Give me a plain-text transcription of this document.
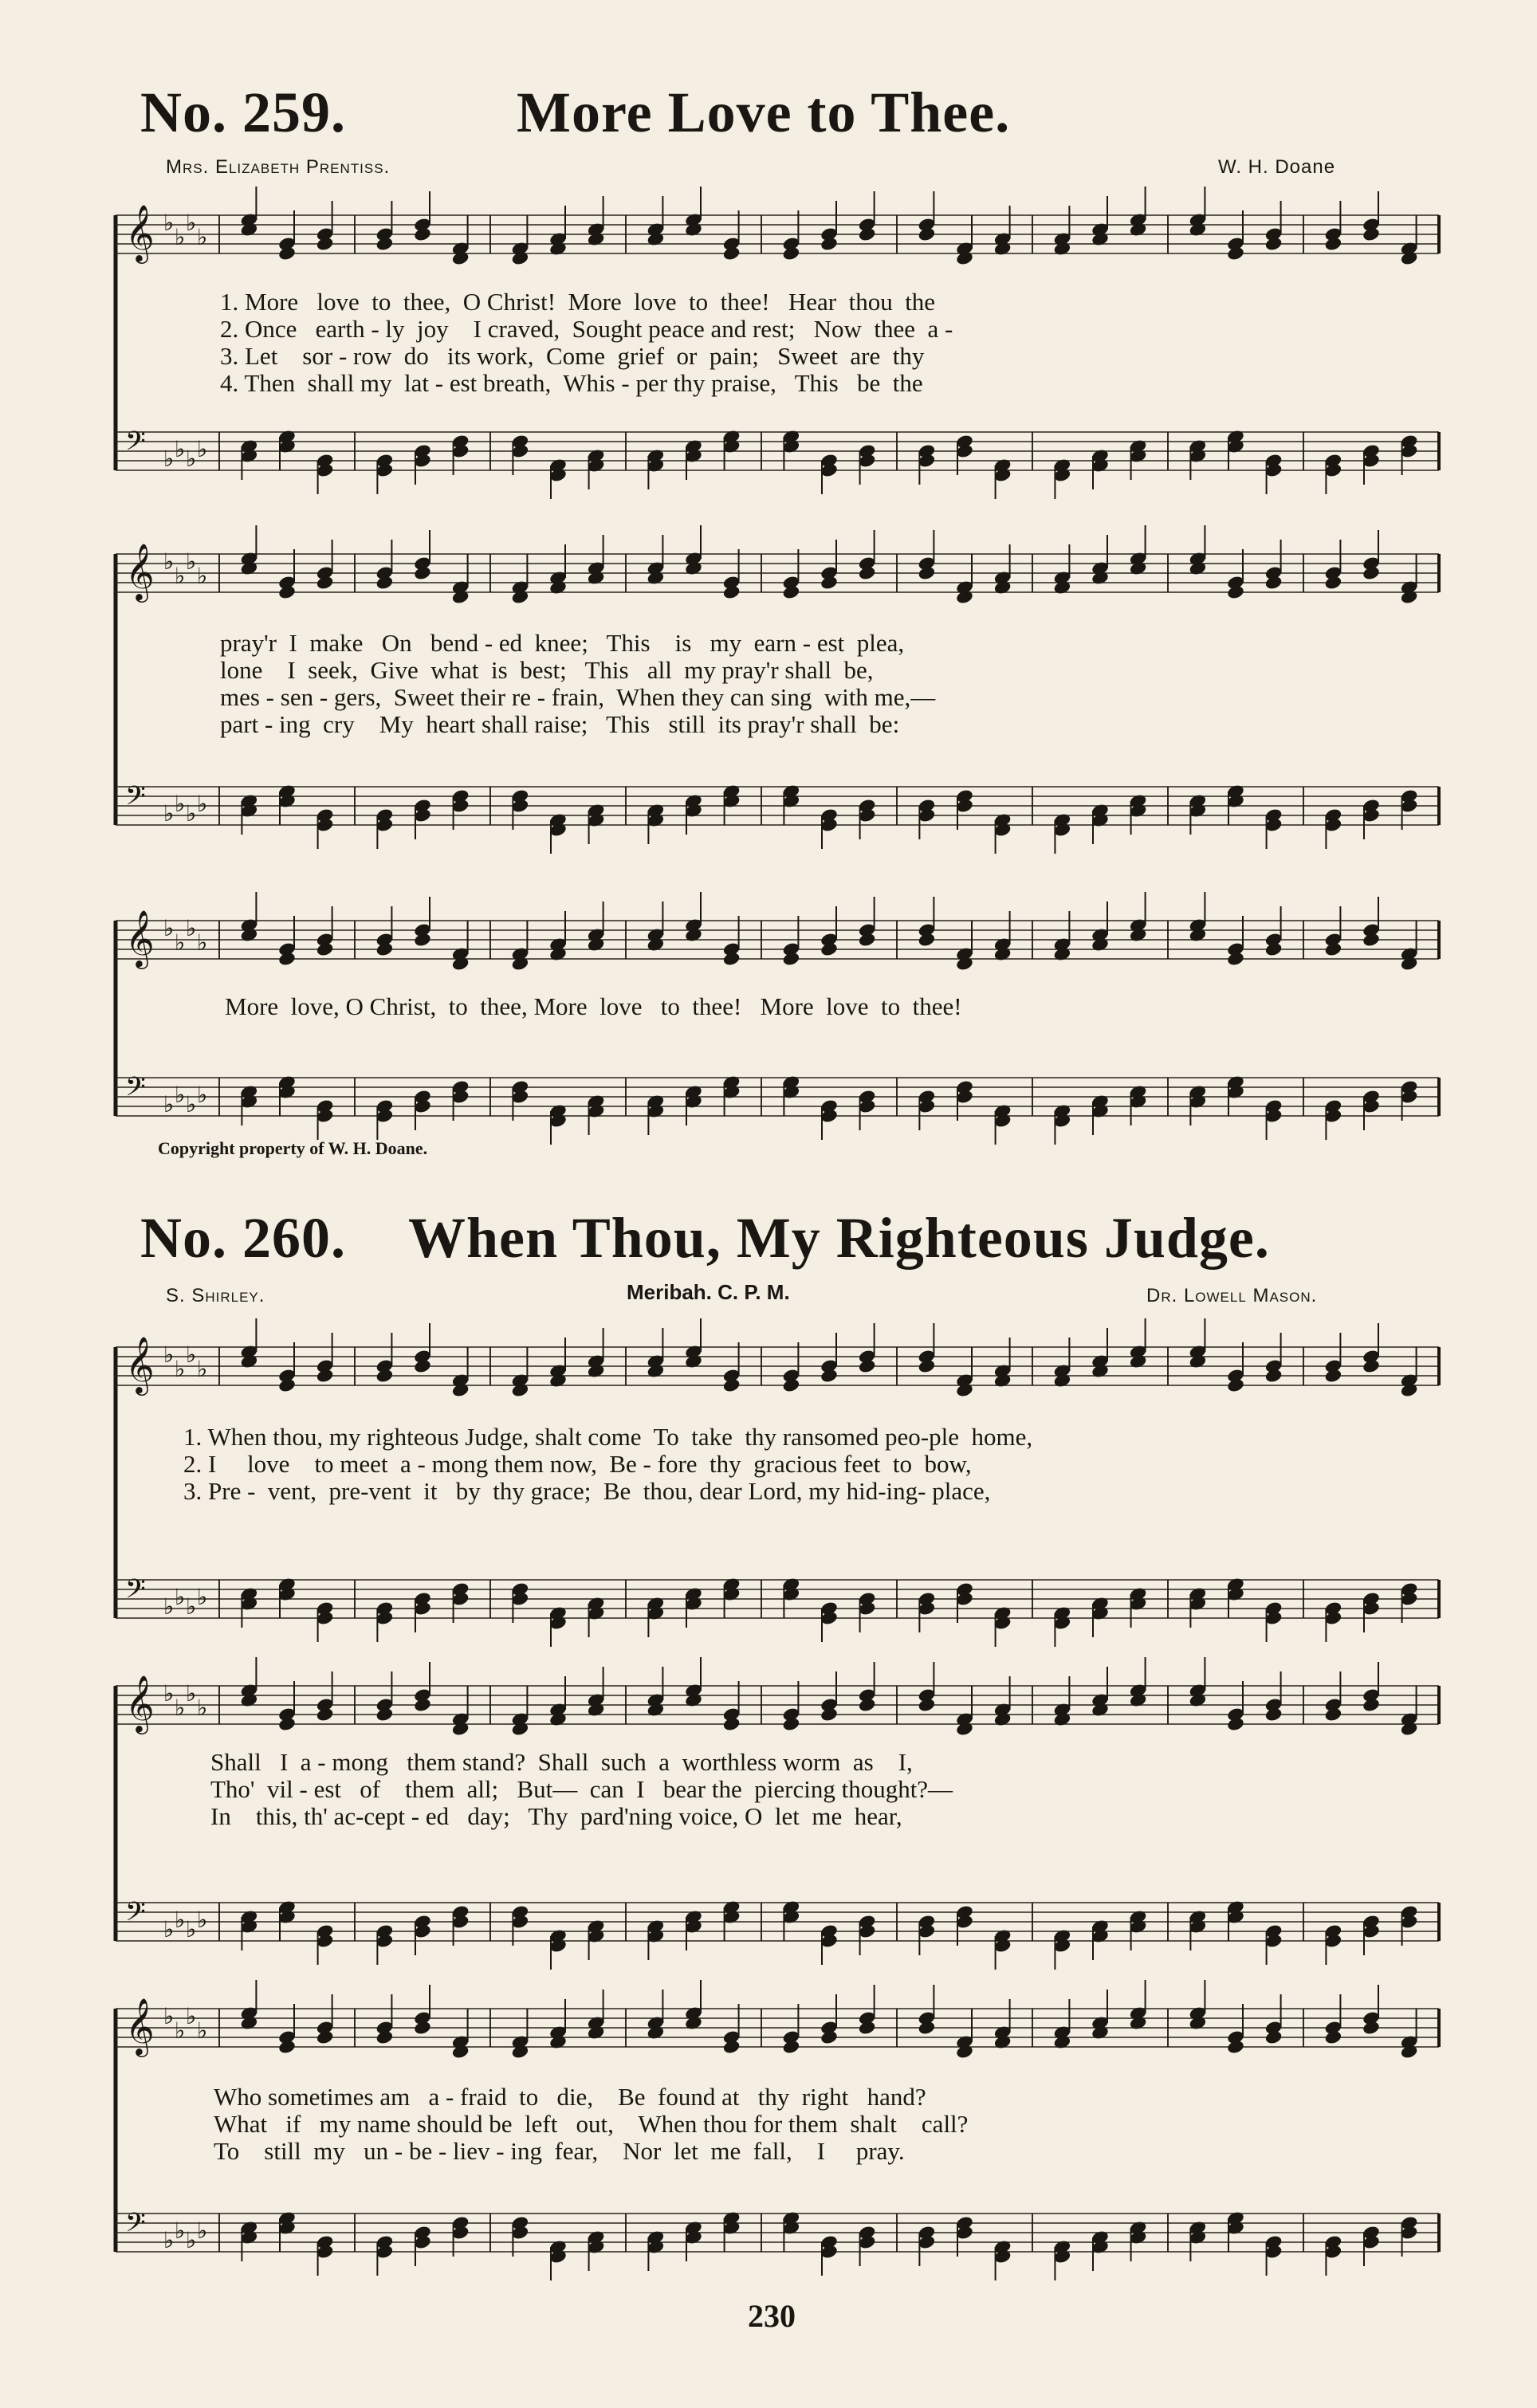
No. 259.	More Love to Thee.
Mrs. Elizabeth Prentiss.	W. H. Doane
𝄞 ♭
♭
♭
♭
𝄢 ♭ ♭ ♭ ♭
1. More   love  to  thee,  O Christ!  More  love  to  thee!   Hear  thou  the
2. Once   earth - ly  joy    I craved,  Sought peace and rest;   Now  thee  a -
3. Let    sor - row  do   its work,  Come  grief  or  pain;   Sweet  are  thy
4. Then  shall my  lat - est breath,  Whis - per thy praise,   This   be  the
𝄞 ♭
♭
♭
♭
𝄢 ♭ ♭ ♭ ♭
pray'r  I  make   On   bend - ed  knee;   This    is   my  earn - est  plea,
lone    I  seek,  Give  what  is  best;   This   all  my pray'r shall  be,
mes - sen - gers,  Sweet their re - frain,  When they can sing  with me,—
part - ing  cry    My  heart shall raise;   This   still  its pray'r shall  be:
𝄞 ♭
♭
♭
♭
𝄢 ♭ ♭ ♭ ♭
More  love, O Christ,  to  thee, More  love   to  thee!   More  love  to  thee!
Copyright property of W. H. Doane.
No. 260. When Thou, My Righteous Judge.
S. Shirley.	Meribah. C. P. M.	Dr. Lowell Mason.
𝄞 ♭
♭
♭
♭
𝄢 ♭ ♭ ♭ ♭
1. When thou, my righteous Judge, shalt come  To  take  thy ransomed peo-ple  home,
2. I     love    to meet  a - mong them now,  Be - fore  thy  gracious feet  to  bow,
3. Pre -  vent,  pre-vent  it   by  thy grace;  Be  thou, dear Lord, my hid-ing- place,
𝄞 ♭
♭
♭
♭
𝄢 ♭ ♭ ♭ ♭
Shall   I  a - mong   them stand?  Shall  such  a  worthless worm  as    I,
Tho'  vil - est   of    them  all;   But—  can  I   bear the  piercing thought?—
In    this, th' ac-cept - ed   day;   Thy  pard'ning voice, O  let  me  hear,
𝄞 ♭
♭
♭
♭
𝄢 ♭ ♭ ♭ ♭
Who sometimes am   a - fraid  to   die,    Be  found at   thy  right   hand?
What   if   my name should be  left   out,    When thou for them  shalt    call?
To    still  my   un - be - liev - ing  fear,    Nor  let  me  fall,    I     pray.
230
